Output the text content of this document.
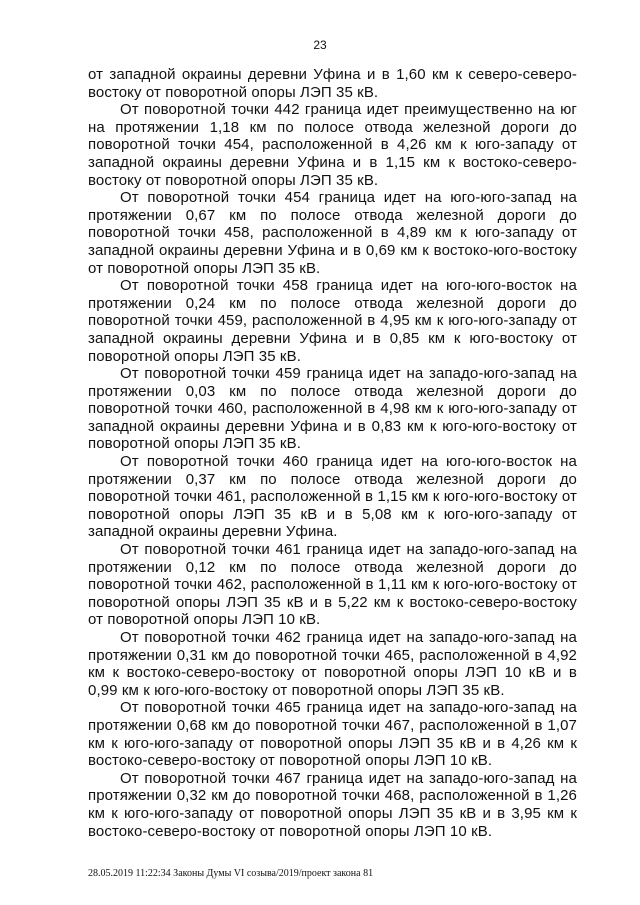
23

от западной окраины деревни Уфина и в 1,60 км к северо-северо-востоку от поворотной опоры ЛЭП 35 кВ.

От поворотной точки 442 граница идет преимущественно на юг на протяжении 1,18 км по полосе отвода железной дороги до поворотной точки 454, расположенной в 4,26 км к юго-западу от западной окраины деревни Уфина и в 1,15 км к востоко-северо-востоку от поворотной опоры ЛЭП 35 кВ.

От поворотной точки 454 граница идет на юго-юго-запад на протяжении 0,67 км по полосе отвода железной дороги до поворотной точки 458, расположенной в 4,89 км к юго-западу от западной окраины деревни Уфина и в 0,69 км к востоко-юго-востоку от поворотной опоры ЛЭП 35 кВ.

От поворотной точки 458 граница идет на юго-юго-восток на протяжении 0,24 км по полосе отвода железной дороги до поворотной точки 459, расположенной в 4,95 км к юго-юго-западу от западной окраины деревни Уфина и в 0,85 км к юго-востоку от поворотной опоры ЛЭП 35 кВ.

От поворотной точки 459 граница идет на западо-юго-запад на протяжении 0,03 км по полосе отвода железной дороги до поворотной точки 460, расположенной в 4,98 км к юго-юго-западу от западной окраины деревни Уфина и в 0,83 км к юго-юго-востоку от поворотной опоры ЛЭП 35 кВ.

От поворотной точки 460 граница идет на юго-юго-восток на протяжении 0,37 км по полосе отвода железной дороги до поворотной точки 461, расположенной в 1,15 км к юго-юго-востоку от поворотной опоры ЛЭП 35 кВ и в 5,08 км к юго-юго-западу от западной окраины деревни Уфина.

От поворотной точки 461 граница идет на западо-юго-запад на протяжении 0,12 км по полосе отвода железной дороги до поворотной точки 462, расположенной в 1,11 км к юго-юго-востоку от поворотной опоры ЛЭП 35 кВ и в 5,22 км к востоко-северо-востоку от поворотной опоры ЛЭП 10 кВ.

От поворотной точки 462 граница идет на западо-юго-запад на протяжении 0,31 км до поворотной точки 465, расположенной в 4,92 км к востоко-северо-востоку от поворотной опоры ЛЭП 10 кВ и в 0,99 км к юго-юго-востоку от поворотной опоры ЛЭП 35 кВ.

От поворотной точки 465 граница идет на западо-юго-запад на протяжении 0,68 км до поворотной точки 467, расположенной в 1,07 км к юго-юго-западу от поворотной опоры ЛЭП 35 кВ и в 4,26 км к востоко-северо-востоку от поворотной опоры ЛЭП 10 кВ.

От поворотной точки 467 граница идет на западо-юго-запад на протяжении 0,32 км до поворотной точки 468, расположенной в 1,26 км к юго-юго-западу от поворотной опоры ЛЭП 35 кВ и в 3,95 км к востоко-северо-востоку от поворотной опоры ЛЭП 10 кВ.

28.05.2019 11:22:34 Законы Думы VI созыва/2019/проект закона 81
